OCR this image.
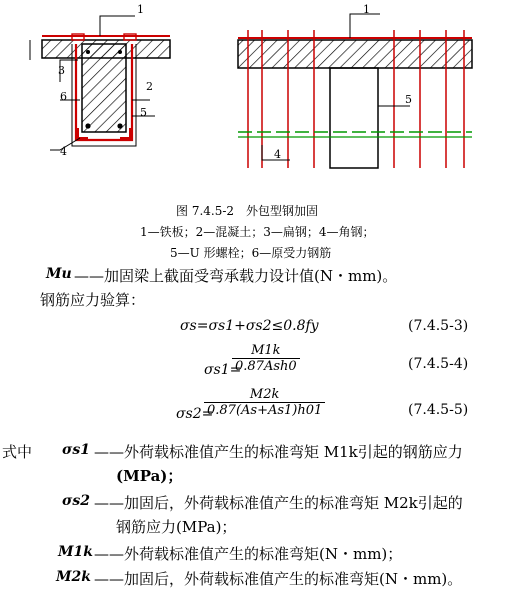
1
2
3
4
5
6
1
4
5
图 7.4.5-2　外包型钢加固
1—铁板；2—混凝土；3—扁钢；4—角钢；
5—U 形螺栓；6—原受力钢筋
Mu ——加固梁上截面受弯承载力设计值(N・mm)。
钢筋应力验算：
σs=σs1+σs2≤0.8fy	(7.4.5-3)
σs1=
M1k
0.87Ash0	(7.4.5-4)
σs2=
$\frac{M2k}{0.87(As+As1)h01}$	(7.4.5-5)
式中 σs1 ——外荷载标准值产生的标准弯矩 M1k引起的钢筋应力
(MPa)；
σs2 ——加固后，外荷载标准值产生的标准弯矩 M2k引起的
钢筋应力(MPa)；
M1k ——外荷载标准值产生的标准弯矩(N・mm)；
M2k ——加固后，外荷载标准值产生的标准弯矩(N・mm)。
